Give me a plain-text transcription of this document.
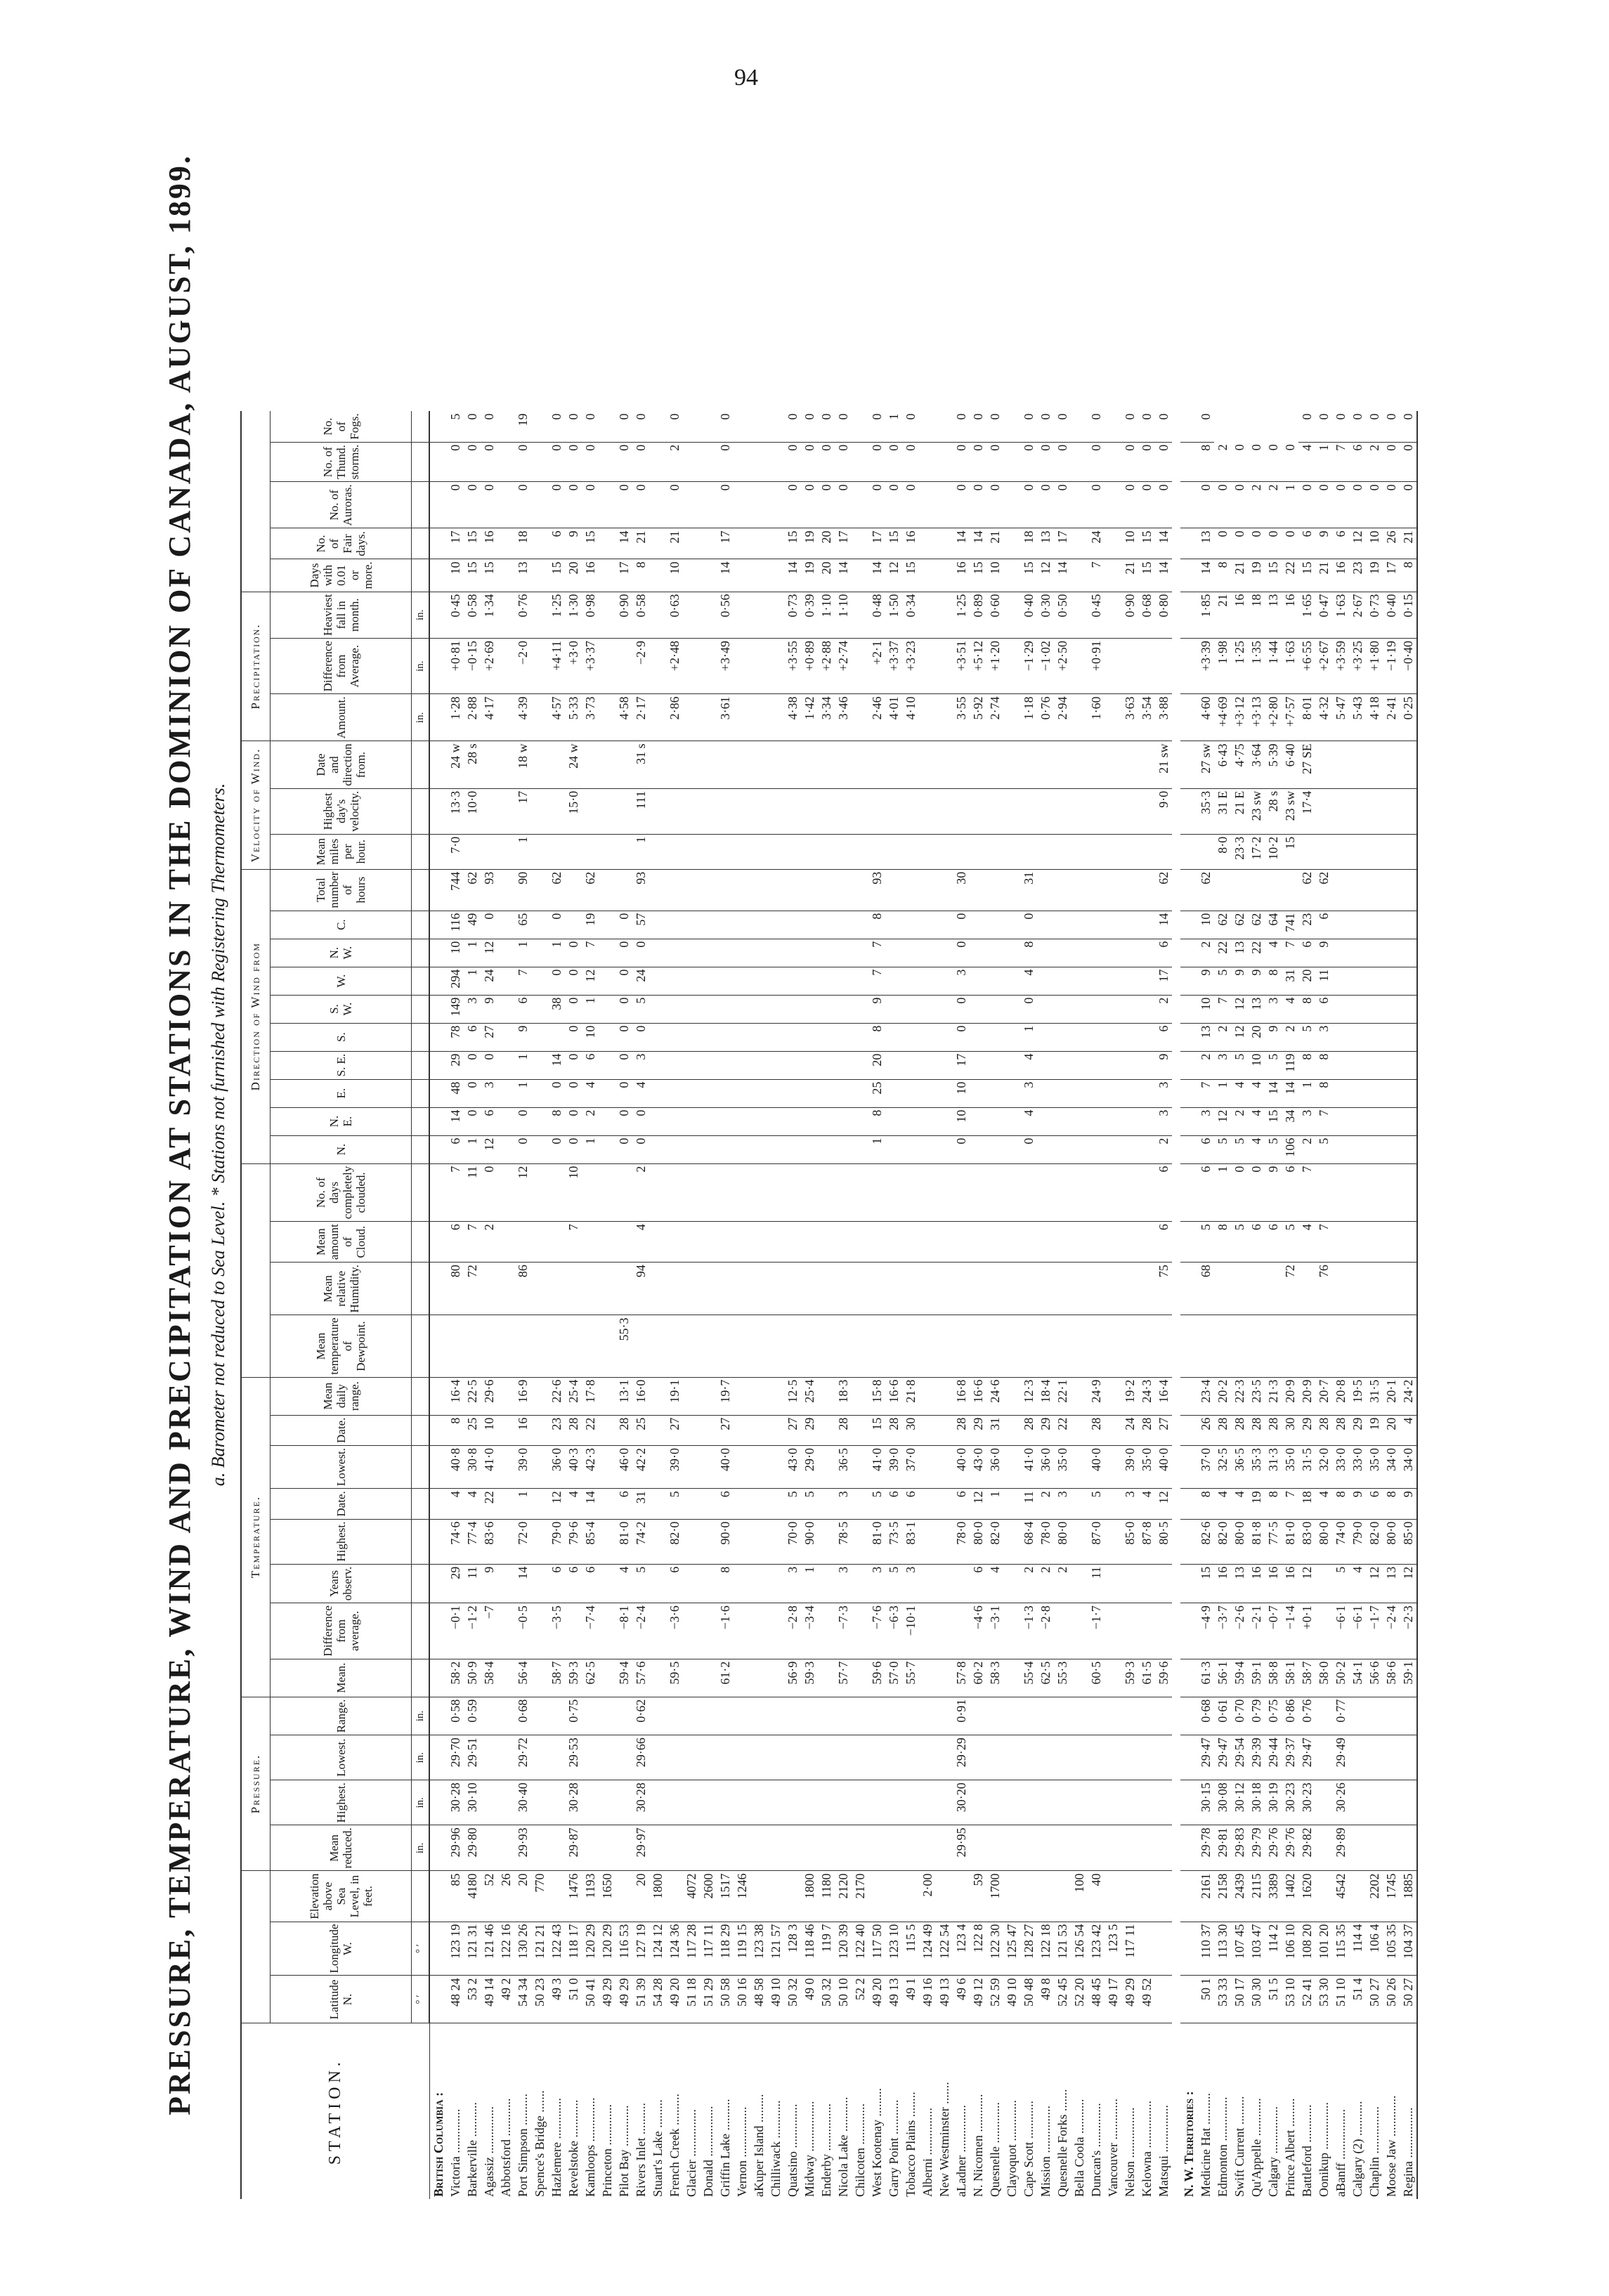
94
PRESSURE, TEMPERATURE, WIND AND PRECIPITATION AT STATIONS IN THE DOMINION OF CANADA, AUGUST, 1899. a. Barometer not reduced to Sea Level. * Stations not furnished with Registering Thermometers.
STATION.				Pressure.				Temperature.												Direction of Wind from										Velocity of Wind.			Precipitation.							
	Latitude N.	Longitude W.	Elevation above Sea Level, in feet.	Mean reduced.	Highest.	Lowest.	Range.	Mean.	Difference from average.	Years observ.	Highest.	Date.	Lowest.	Date.	Mean daily range.	Mean temperature of Dewpoint.	Mean relative Humidity.	Mean amount of Cloud.	No. of days completely clouded.	N.	N. E.	E.	S. E.	S.	S. W.	W.	N. W.	C.	Total number of hours	Mean miles per hour.	Highest day's velocity.	Date and direction from.	Amount.	Difference from Average.	Heaviest fall in month.	Days with 0.01 or more.	No. of Fair days.	No. of Auroras.	No. of Thund. storms.	No. of Fogs.
	° ′	° ′		in.	in.	in.	in.																										in.	in.	in.					
British Columbia :																																								
Victoria ..............	48 24	123 19	85	29·96	30·28	29·70	0·58	58·2	−0·1	29	74·6	4	40·8	8	16·4		80	6	7	6	14	48	29	78	149	294	10	116	744	7·0	13·3	24 w	1·28	+0·81	0·45	10	17	0	0	5
Barkerville ...........	53 2	121 31	4180	29·80	30·10	29·51	0·59	50·9	−1·2	11	77·4	4	30·8	25	22·5		72	7	11	1	0	0	0	6	3	1	1	49	62		10·0	28 s	2·88	−0·15	0·58	15	15	0	0	0
Agassiz ...............	49 14	121 46	52					58·4	−7	9	83·6	22	41·0	10	29·6			2	0	12	6	3	0	27	9	24	12	0	93				4·17	+2·69	1·34	15	16	0	0	0
Abbotsford ............	49 2	122 16	26																																					
Port Simpson ..........	54 34	130 26	20	29·93	30·40	29·72	0·68	56·4	−0·5	14	72·0	1	39·0	16	16·9		86		12	0	0	1	1	9	6	7	1	65	90	1	17	18 w	4·39	−2·0	0·76	13	18	0	0	19
Spence's Bridge .......	50 23	121 21	770																																					
Hazlemere .............	49 3	122 43						58·7	−3·5	6	79·0	12	36·0	23	22·6					0	8	0	14		38	0	1	0	62				4·57	+4·11	1·25	15	6	0	0	0
Revelstoke ............	51 0	118 17	1476	29·87	30·28	29·53	0·75	59·3		6	79·6	4	40·3	28	25·4			7	10	0	0	0	0	0	0	0	0				15·0	24 w	5·33	+3·0	1·30	20	9	0	0	0
Kamloops ..............	50 41	120 29	1193					62·5	−7·4	6	85·4	14	42·3	22	17·8					1	2	4	6	10	1	12	7	19	62				3·73	+3·37	0·98	16	15	0	0	0
Princeton .............	49 29	120 29	1650																																					
Pilot Bay .............	49 29	116 53						59·4	−8·1	4	81·0	6	46·0	28	13·1	55·3				0	0	0	0	0	0	0	0	0					4·58		0·90	17	14	0	0	0
Rivers Inlet ..........	51 39	127 19	20	29·97	30·28	29·66	0·62	57·6	−2·4	5	74·2	31	42·2	25	16·0		94	4	2	0	0	4	3	0	5	24	0	57	93	1	111	31 s	2·17	−2·9	0·58	8	21	0	0	0
Stuart's Lake .........	54 28	124 12	1800																																					
French Creek ..........	49 20	124 36						59·5	−3·6	6	82·0	5	39·0	27	19·1																		2·86	+2·48	0·63	10	21	0	2	0
Glacier ...............	51 18	117 28	4072																																					
Donald ................	51 29	117 11	2600																																					
Griffin Lake ..........	50 58	118 29	1517					61·2	−1·6	8	90·0	6	40·0	27	19·7																		3·61	+3·49	0·56	14	17	0	0	0
Vernon ................	50 16	119 15	1246																																					
aKuper Island .........	48 58	123 38																																						
Chilliwack ............	49 10	121 57																																						
Quatsino ..............	50 32	128 3						56·9	−2·8	3	70·0	5	43·0	27	12·5																		4·38	+3·55	0·73	14	15	0	0	0
Midway ................	49 0	118 46	1800					59·3	−3·4	1	90·0	5	29·0	29	25·4																		1·42	+0·89	0·39	19	19	0	0	0
Enderby ...............	50 32	119 7	1180																														3·34	+2·88	1·10	20	20	0	0	0
Nicola Lake ...........	50 10	120 39	2120					57·7	−7·3	3	78·5	3	36·5	28	18·3																		3·46	+2·74	1·10	14	17	0	0	0
Chilcoten .............	52 2	122 40	2170																																					
West Kootenay .........	49 20	117 50						59·6	−7·6	3	81·0	5	41·0	15	15·8					1	8	25	20	8	9	7	7	8	93				2·46	+2·1	0·48	14	17	0	0	0
Garry Point ...........	49 13	123 10						57·0	−6·3	5	73·5	6	39·0	28	16·6																		4·01	+3·37	1·50	12	15	0	0	1
Tobacco Plains ........	49 1	115 5						55·7	−10·1	3	83·1	6	37·0	30	21·8																		4·10	+3·23	0·34	15	16	0	0	0
Alberni ...............	49 16	124 49	2·00																																					
New Westminster .......	49 13	122 54																																						
aLadner ...............	49 6	123 4		29·95	30·20	29·29	0·91	57·8			78·0	6	40·0	28	16·8					0	10	10	17	0	0	3	0	0	30				3·55	+3·51	1·25	16	14	0	0	0
N. Nicomen ............	49 12	122 8	59					60·2	−4·6	6	80·0	12	43·0	29	16·6																		5·92	+5·12	0·89	15	14	0	0	0
Quesnelle .............	52 59	122 30	1700					58·3	−3·1	4	82·0	1	36·0	31	24·6																		2·74	+1·20	0·60	10	21	0	0	0
Clayoquot .............	49 10	125 47																																						
Cape Scott ............	50 48	128 27						55·4	−1·3	2	68·4	11	41·0	28	12·3					0	4	3	4	1	0	4	8	0	31				1·18	−1·29	0·40	15	18	0	0	0
Mission ...............	49 8	122 18						62·5	−2·8	2	78·0	2	36·0	29	18·4																		0·76	−1·02	0·30	12	13	0	0	0
Quesnelle Forks .......	52 45	121 53						55·3		2	80·0	3	35·0	22	22·1																		2·94	+2·50	0·50	14	17	0	0	0
Bella Coola ...........	52 20	126 54	100																																					
Duncan's ..............	48 45	123 42	40					60·5	−1·7	11	87·0	5	40·0	28	24·9																		1·60	+0·91	0·45	7	24	0	0	0
Vancouver .............	49 17	123 5																																						
Nelson ................	49 29	117 11						59·3			85·0	3	39·0	24	19·2																		3·63		0·90	21	10	0	0	0
Kelowna ...............	49 52							61·5			87·8	4	35·0	28	24·3																		3·54		0·68	15	15	0	0	0
Matsqui ...............								59·6			80·5	12	40·0	27	16·4		75	6	6	2	3	3	9	6	2	17	6	14	62		9·0	21 sw	3·88		0·80	14	14	0	0	0

N. W. Territories :																																								
Medicine Hat ..........	50 1	110 37	2161	29·78	30·15	29·47	0·68	61·3	−4·9	15	82·6	8	37·0	26	23·4		68	5	6	6	3	7	2	13	10	9	2	10	62		35·3	27 sw	4·60	+3·39	1·85	14	13	0	8	0
Edmonton ..............	53 33	113 30	2158	29·81	30·08	29·47	0·61	56·1	−3·7	16	82·0	4	32·5	28	20·2			8	1	5	12	1	3	2	7	5	22	62		8·0	31 E	6·43	+4·69	1·98	21	8	0	0	2	
Swift Current .........	50 17	107 45	2439	29·83	30·12	29·54	0·70	59·4	−2·6	13	80·0	4	36·5	28	22·3			5	0	5	2	4	5	12	12	9	13	62		23·3	21 E	4·75	+3·12	1·25	16	21	0	0	0	
Qu'Appelle ............	50 30	103 47	2115	29·79	30·18	29·39	0·79	59·1	−2·1	16	81·8	19	35·3	28	23·5			6	0	4	4	4	10	20	13	9	22	62		17·2	23 sw	3·64	+3·13	1·35	18	19	0	2	0	
Calgary ...............	51 5	114 2	3389	29·76	30·19	29·44	0·75	58·8	−0·7	16	77·5	8	31·3	28	21·3			6	9	5	15	14	5	9	3	8	4	64		10·2	28 s	5·39	+2·80	1·44	13	15	0	2	0	
Prince Albert .........	53 10	106 10	1402	29·76	30·23	29·37	0·86	58·1	−1·4	16	81·0	7	35·0	30	20·9		72	5	6	106	34	14	119	2	4	31	7	741		15	23 sw	6·40	+7·57	1·63	16	22	0	1	0	
Battleford ............	52 41	108 20	1620	29·82	30·23	29·47	0·76	58·7	+0·1	12	83·0	18	31·5	29	20·9			4	7	2	3	1	8	5	8	20	6	23	62		17·4	27 SE	8·01	+6·55	1·65	15	6	0	4	0
Oonikup ...............	53 30	101 20						58·0			80·0	4	32·0	28	20·7		76	7		5	7	8	8	3	6	11	9	6	62				4·32	+2·67	0·47	21	9	0	1	0
aBanff ................	51 10	115 35	4542	29·89	30·26	29·49	0·77	50·2	−6·1	5	74·0	8	33·0	28	20·8																		5·47	+3·59	1·63	16	6	0	7	0
Calgary (2) ...........	51 4	114 4						54·1	−6·1	4	79·0	9	33·0	29	19·5																		5·43	+3·25	2·67	23	12	0	6	0
Chaplin ...............	50 27	106 4	2202					56·6	−1·7	12	82·0	6	35·0	19	31·5																		4·18	+1·80	0·73	19	10	0	2	0
Moose Jaw .............	50 26	105 35	1745					58·6	−2·4	13	80·0	8	34·0	20	20·1																		2·41	−1·19	0·40	17	26	0	0	0
Regina ................	50 27	104 37	1885					59·1	−2·3	12	85·0	9	34·0	4	24·2																		0·25	−0·40	0·15	8	21	0	0	0
